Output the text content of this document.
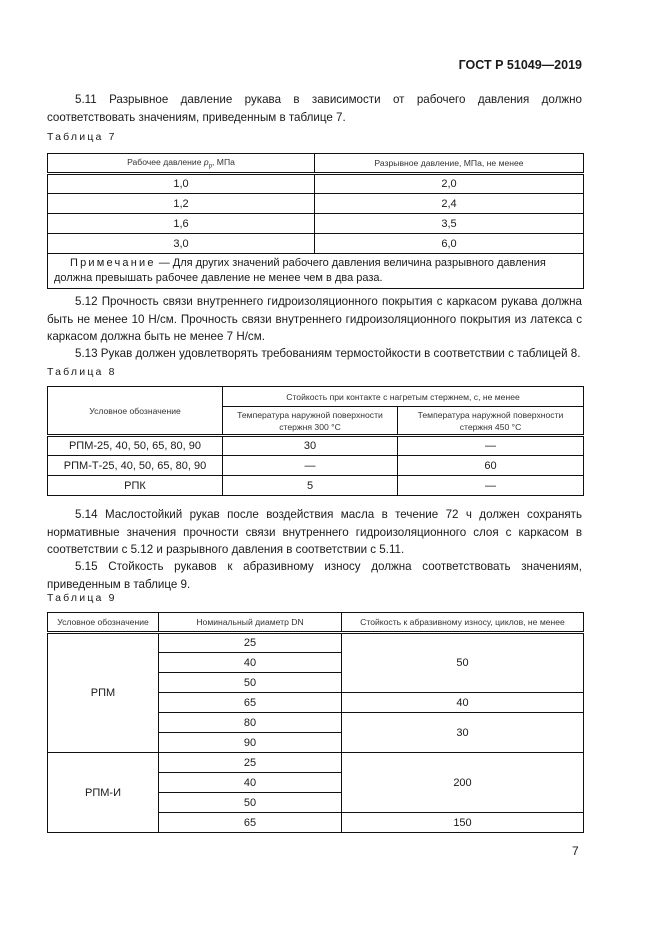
ГОСТ Р 51049—2019
5.11 Разрывное давление рукава в зависимости от рабочего давления должно соответствовать значениям, приведенным в таблице 7.
Таблица 7
Рабочее давление $p_р$, МПа	Разрывное давление, МПа, не менее
1,0	2,0
1,2	2,4
1,6	3,5
3,0	6,0
Примечание — Для других значений рабочего давления величина разрывного давления должна превышать рабочее давление не менее чем в два раза.	
5.12 Прочность связи внутреннего гидроизоляционного покрытия с каркасом рукава должна быть не менее 10 Н/см. Прочность связи внутреннего гидроизоляционного покрытия из латекса с каркасом должна быть не менее 7 Н/см.
5.13 Рукав должен удовлетворять требованиям термостойкости в соответствии с таблицей 8.
Таблица 8
Условное обозначение	Стойкость при контакте с нагретым стержнем, с, не менее	
	Температура наружной поверхности стержня 300 °С	Температура наружной поверхности стержня 450 °С
РПМ-25, 40, 50, 65, 80, 90	30	—
РПМ-Т-25, 40, 50, 65, 80, 90	—	60
РПК	5	—
5.14 Маслостойкий рукав после воздействия масла в течение 72 ч должен сохранять нормативные значения прочности связи внутреннего гидроизоляционного слоя с каркасом в соответствии с 5.12 и разрывного давления в соответствии с 5.11.
5.15 Стойкость рукавов к абразивному износу должна соответствовать значениям, приведенным в таблице 9.
Таблица 9
Условное обозначение	Номинальный диаметр DN	Стойкость к абразивному износу, циклов, не менее
РПМ	25	50
	40	
	50	
	65	40
	80	30
	90	
РПМ-И	25	200
	40	
	50	
	65	150
7
